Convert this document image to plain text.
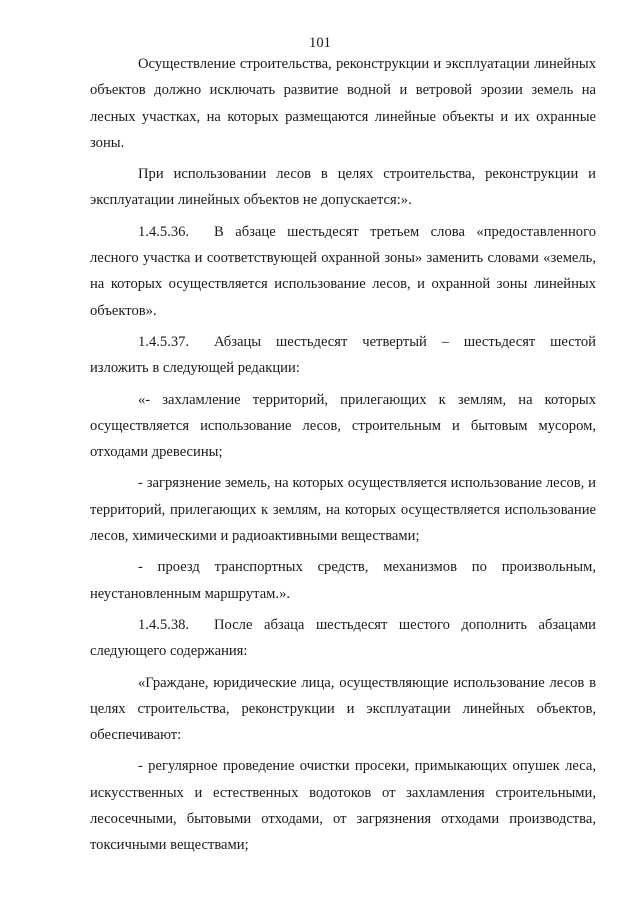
101

Осуществление строительства, реконструкции и эксплуатации линейных объектов должно исключать развитие водной и ветровой эрозии земель на лесных участках, на которых размещаются линейные объекты и их охранные зоны.

При использовании лесов в целях строительства, реконструкции и эксплуатации линейных объектов не допускается:».

1.4.5.36. В абзаце шестьдесят третьем слова «предоставленного лесного участка и соответствующей охранной зоны» заменить словами «земель, на которых осуществляется использование лесов, и охранной зоны линейных объектов».

1.4.5.37. Абзацы шестьдесят четвертый – шестьдесят шестой изложить в следующей редакции:

«- захламление территорий, прилегающих к землям, на которых осуществляется использование лесов, строительным и бытовым мусором, отходами древесины;

- загрязнение земель, на которых осуществляется использование лесов, и территорий, прилегающих к землям, на которых осуществляется использование лесов, химическими и радиоактивными веществами;

- проезд транспортных средств, механизмов по произвольным, неустановленным маршрутам.».

1.4.5.38. После абзаца шестьдесят шестого дополнить абзацами следующего содержания:

«Граждане, юридические лица, осуществляющие использование лесов в целях строительства, реконструкции и эксплуатации линейных объектов, обеспечивают:

- регулярное проведение очистки просеки, примыкающих опушек леса, искусственных и естественных водотоков от захламления строительными, лесосечными, бытовыми отходами, от загрязнения отходами производства, токсичными веществами;
